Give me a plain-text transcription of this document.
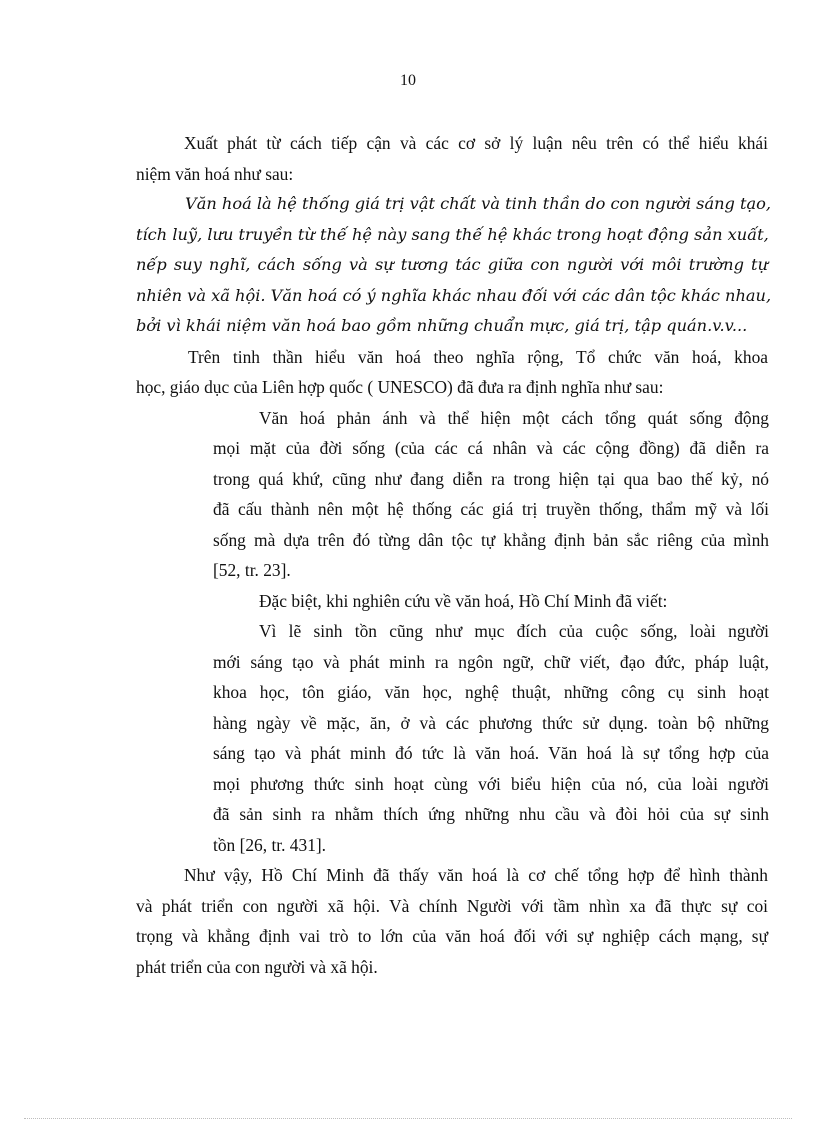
10

Xuất phát từ cách tiếp cận và các cơ sở lý luận nêu trên có thể hiểu khái
niệm văn hoá như sau:

Văn hoá là hệ thống giá trị vật chất và tinh thần do con người sáng tạo,
tích luỹ, lưu truyền từ thế hệ này sang thế hệ khác trong hoạt động sản xuất,
nếp suy nghĩ, cách sống và sự tương tác giữa con người với môi trường tự
nhiên và xã hội. Văn hoá có ý nghĩa khác nhau đối với các dân tộc khác nhau,
bởi vì khái niệm văn hoá bao gồm những chuẩn mực, giá trị, tập quán.v.v...

Trên tinh thần hiểu văn hoá theo nghĩa rộng, Tổ chức văn hoá, khoa
học, giáo dục của Liên hợp quốc ( UNESCO) đã đưa ra định nghĩa như sau:

Văn hoá phản ánh và thể hiện một cách tổng quát sống động
mọi mặt của đời sống (của các cá nhân và các cộng đồng) đã diễn ra
trong quá khứ, cũng như đang diễn ra trong hiện tại qua bao thế kỷ, nó
đã cấu thành nên một hệ thống các giá trị truyền thống, thẩm mỹ và lối
sống mà dựa trên đó từng dân tộc tự khẳng định bản sắc riêng của mình
[52, tr. 23].

Đặc biệt, khi nghiên cứu về văn hoá, Hồ Chí Minh đã viết:

Vì lẽ sinh tồn cũng như mục đích của cuộc sống, loài người
mới sáng tạo và phát minh ra ngôn ngữ, chữ viết, đạo đức, pháp luật,
khoa học, tôn giáo, văn học, nghệ thuật, những công cụ sinh hoạt
hàng ngày về mặc, ăn, ở và các phương thức sử dụng. toàn bộ những
sáng tạo và phát minh đó tức là văn hoá. Văn hoá là sự tổng hợp của
mọi phương thức sinh hoạt cùng với biểu hiện của nó, của loài người
đã sản sinh ra nhằm thích ứng những nhu cầu và đòi hỏi của sự sinh
tồn [26, tr. 431].

Như vậy, Hồ Chí Minh đã thấy văn hoá là cơ chế tổng hợp để hình thành
và phát triển con người xã hội. Và chính Người với tầm nhìn xa đã thực sự coi
trọng và khẳng định vai trò to lớn của văn hoá đối với sự nghiệp cách mạng, sự
phát triển của con người và xã hội.
